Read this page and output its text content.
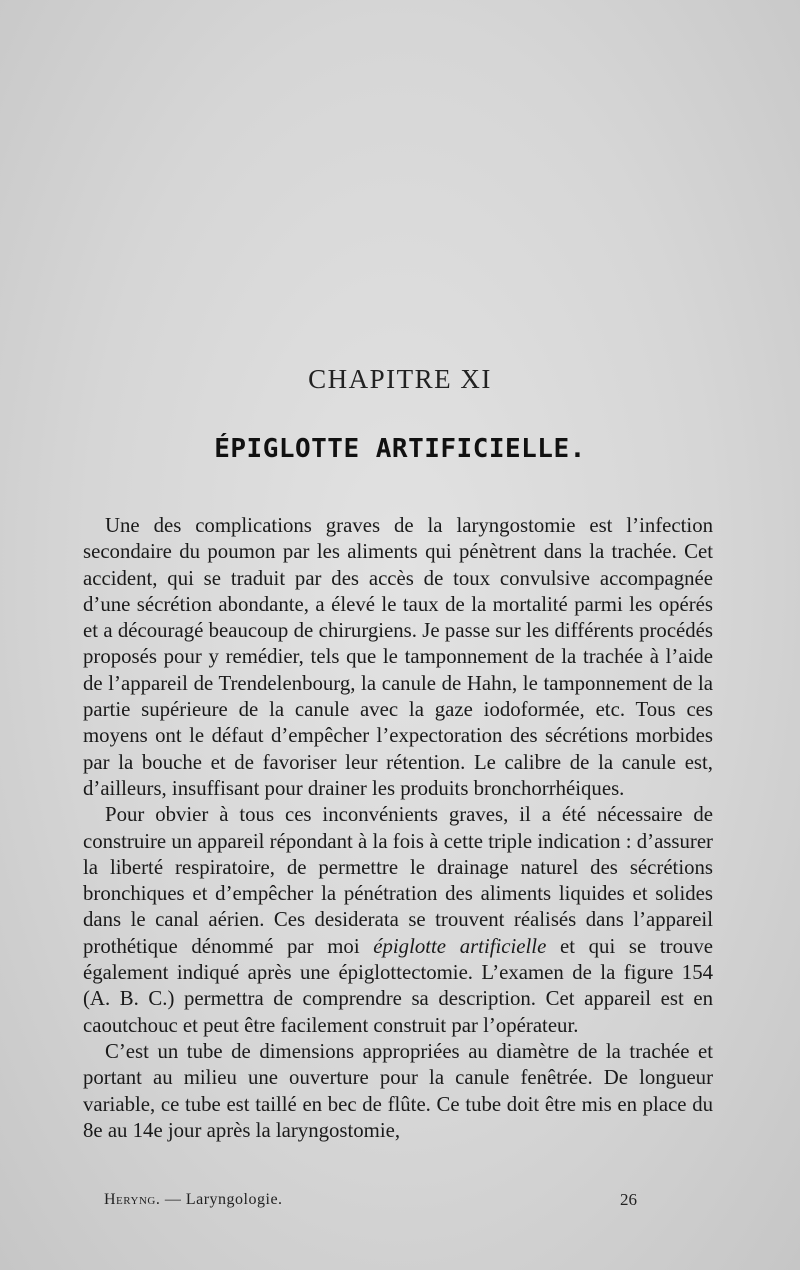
CHAPITRE XI
ÉPIGLOTTE ARTIFICIELLE.

Une des complications graves de la laryngostomie est l’infection secondaire du poumon par les aliments qui pénètrent dans la trachée. Cet accident, qui se traduit par des accès de toux convulsive accompagnée d’une sécrétion abondante, a élevé le taux de la mortalité parmi les opérés et a découragé beaucoup de chirurgiens. Je passe sur les différents procédés proposés pour y remédier, tels que le tamponnement de la trachée à l’aide de l’appareil de Trendelenbourg, la canule de Hahn, le tamponnement de la partie supérieure de la canule avec la gaze iodoformée, etc. Tous ces moyens ont le défaut d’empêcher l’expectoration des sécrétions morbides par la bouche et de favoriser leur rétention. Le calibre de la canule est, d’ailleurs, insuffisant pour drainer les produits bronchorrhéiques.

Pour obvier à tous ces inconvénients graves, il a été nécessaire de construire un appareil répondant à la fois à cette triple indication : d’assurer la liberté respiratoire, de permettre le drainage naturel des sécrétions bronchiques et d’empêcher la pénétration des aliments liquides et solides dans le canal aérien. Ces desiderata se trouvent réalisés dans l’appareil prothétique dénommé par moi épiglotte artificielle et qui se trouve également indiqué après une épiglottectomie. L’examen de la figure 154 (A. B. C.) permettra de comprendre sa description. Cet appareil est en caoutchouc et peut être facilement construit par l’opérateur.

C’est un tube de dimensions appropriées au diamètre de la trachée et portant au milieu une ouverture pour la canule fenêtrée. De longueur variable, ce tube est taillé en bec de flûte. Ce tube doit être mis en place du 8e au 14e jour après la laryngostomie,

Heryng. — Laryngologie.	26
